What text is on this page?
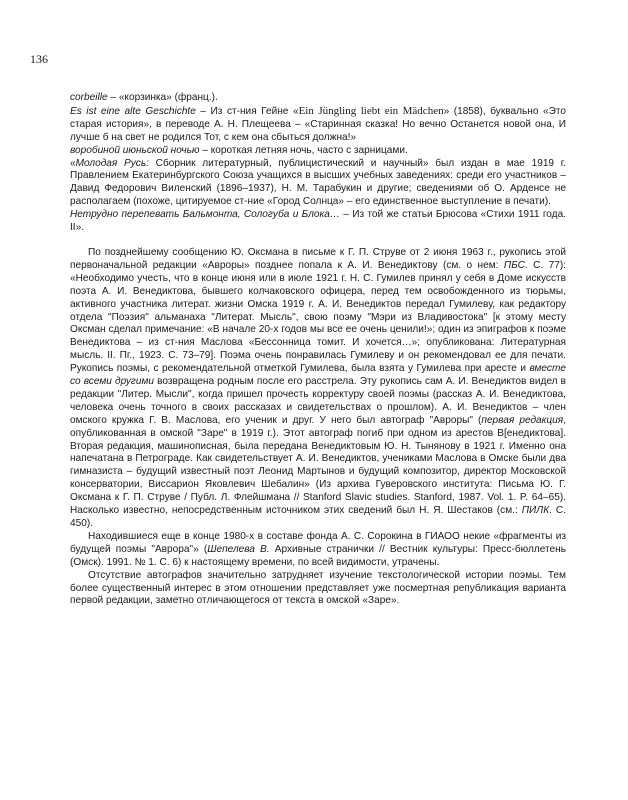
136

corbeille – «корзинка» (франц.).

Es ist eine alte Geschichte – Из ст-ния Гейне «Ein Jüngling liebt ein Mädchen» (1858), буквально «Это старая история», в переводе А. Н. Плещеева – «Старинная сказка! Но вечно Останется новой она, И лучше б на свет не родился Тот, с кем она сбыться должна!»

воробиной июньской ночью – короткая летняя ночь, часто с зарницами.

«Молодая Русь: Сборник литературный, публицистический и научный» был издан в мае 1919 г. Правлением Екатеринбургского Союза учащихся в высших учебных заведениях: среди его участников – Давид Федорович Виленский (1896–1937), Н. М. Тарабукин и другие; сведениями об О. Арденсе не располагаем (похоже, цитируемое ст-ние «Город Солнца» – его единственное выступление в печати).

Нетрудно перепевать Бальмонта, Сологуба и Блока… – Из той же статьи Брюсова «Стихи 1911 года. II».

По позднейшему сообщению Ю. Оксмана в письме к Г. П. Струве от 2 июня 1963 г., рукопись этой первоначальной редакции «Авроры» позднее попала к А. И. Венедиктову (см. о нем: ПБС. С. 77): «Необходимо учесть, что в конце июня или в июле 1921 г. Н. С. Гумилев принял у себя в Доме искусств поэта А. И. Венедиктова, бывшего колчаковского офицера, перед тем освобожденного из тюрьмы, активного участника литерат. жизни Омска 1919 г. А. И. Венедиктов передал Гумилеву, как редактору отдела "Поэзия" альманаха "Литерат. Мысль", свою поэму "Мэри из Владивостока" [к этому месту Оксман сделал примечание: «В начале 20-х годов мы все ее очень ценили!»; один из эпиграфов к поэме Венедиктова – из ст-ния Маслова «Бессонница томит. И хочется…»; опубликована: Литературная мысль. II. Пг., 1923. С. 73–79]. Поэма очень понравилась Гумилеву и он рекомендовал ее для печати. Рукопись поэмы, с рекомендательной отметкой Гумилева, была взята у Гумилева при аресте и вместе со всеми другими возвращена родным после его расстрела. Эту рукопись сам А. И. Венедиктов видел в редакции "Литер. Мысли", когда пришел прочесть корректуру своей поэмы (рассказ А. И. Венедиктова, человека очень точного в своих рассказах и свидетельствах о прошлом). А. И. Венедиктов – член омского кружка Г. В. Маслова, его ученик и друг. У него был автограф "Авроры" (первая редакция, опубликованная в омской "Заре" в 1919 г.). Этот автограф погиб при одном из арестов В[енедиктова]. Вторая редакция, машинописная, была передана Венедиктовым Ю. Н. Тынянову в 1921 г. Именно она напечатана в Петрограде. Как свидетельствует А. И. Венедиктов, учениками Маслова в Омске были два гимназиста – будущий известный поэт Леонид Мартынов и будущий композитор, директор Московской консерватории, Виссарион Яковлевич Шебалин» (Из архива Гуверовского института: Письма Ю. Г. Оксмана к Г. П. Струве / Публ. Л. Флейшмана // Stanford Slavic studies. Stanford, 1987. Vol. 1. P. 64–65). Насколько известно, непосредственным источником этих сведений был Н. Я. Шестаков (см.: ПИЛК. С. 450).

Находившиеся еще в конце 1980-х в составе фонда А. С. Сорокина в ГИАОО некие «фрагменты из будущей поэмы "Аврора"» (Шепелева В. Архивные странички // Вестник культуры: Пресс-бюллетень (Омск). 1991. № 1. С. 6) к настоящему времени, по всей видимости, утрачены.

Отсутствие автографов значительно затрудняет изучение текстологической истории поэмы. Тем более существенный интерес в этом отношении представляет уже посмертная републикация варианта первой редакции, заметно отличающегося от текста в омской «Заре».
